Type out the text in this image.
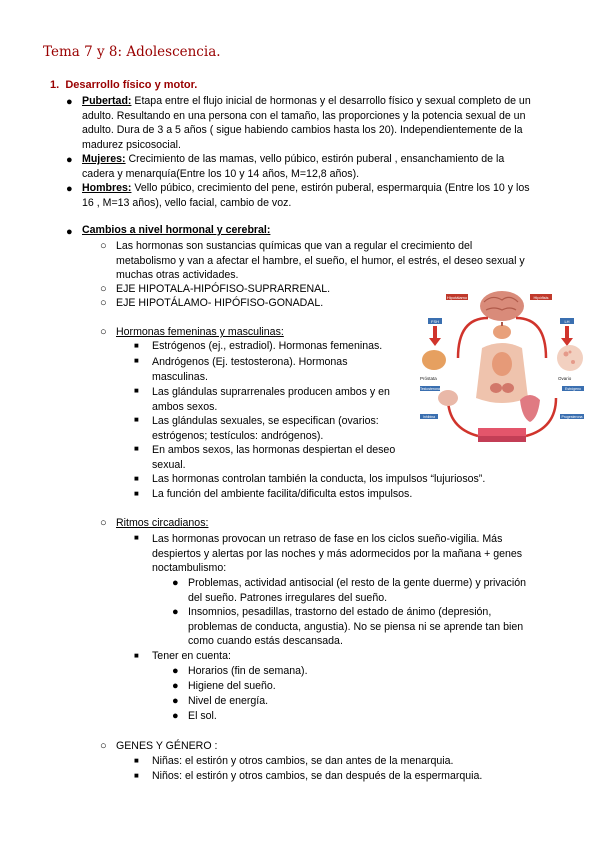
Tema 7 y 8: Adolescencia.
1. Desarrollo físico y motor.
● Pubertad: Etapa entre el flujo inicial de hormonas y el desarrollo físico y sexual completo de un
adulto. Resultando en una persona con el tamaño, las proporciones y la potencia sexual de un
adulto. Dura de 3 a 5 años ( sigue habiendo cambios hasta los 20). Independientemente de la
madurez psicosocial.
● Mujeres: Crecimiento de las mamas, vello púbico, estirón puberal , ensanchamiento de la
cadera y menarquía(Entre los 10 y 14 años, M=12,8 años).
● Hombres: Vello púbico, crecimiento del pene, estirón puberal, espermarquia (Entre los 10 y los
16 , M=13 años), vello facial, cambio de voz.
● Cambios a nivel hormonal y cerebral:
○ Las hormonas son sustancias químicas que van a regular el crecimiento del
metabolismo y van a afectar el hambre, el sueño, el humor, el estrés, el deseo sexual y
muchas otras actividades.
○ EJE HIPOTALA-HIPÓFISO-SUPRARRENAL.
○ EJE HIPOTÁLAMO- HIPÓFISO-GONADAL.
○ Hormonas femeninas y masculinas:
■ Estrógenos (ej., estradiol). Hormonas femeninas.
■ Andrógenos (Ej. testosterona). Hormonas
masculinas.
■ Las glándulas suprarrenales producen ambos y en
ambos sexos.
■ Las glándulas sexuales, se especifican (ovarios:
estrógenos; testículos: andrógenos).
■ En ambos sexos, las hormonas despiertan el deseo
sexual.
■ Las hormonas controlan también la conducta, los impulsos “lujuriosos”.
■ La función del ambiente facilita/dificulta estos impulsos.
Hipotálamo	Hipófisis
FSH	LH
Próstata	Ovario
Testosterona
Inhibina
Estrógeno
Progesterona
○ Ritmos circadianos:
■ Las hormonas provocan un retraso de fase en los ciclos sueño-vigilia. Más
despiertos y alertas por las noches y más adormecidos por la mañana + genes
noctambulismo:
● Problemas, actividad antisocial (el resto de la gente duerme) y privación
del sueño. Patrones irregulares del sueño.
● Insomnios, pesadillas, trastorno del estado de ánimo (depresión,
problemas de conducta, angustia). No se piensa ni se aprende tan bien
como cuando estás descansada.
■ Tener en cuenta:
● Horarios (fin de semana).
● Higiene del sueño.
● Nivel de energía.
● El sol.
○ GENES Y GÉNERO :
■ Niñas: el estirón y otros cambios, se dan antes de la menarquia.
■ Niños: el estirón y otros cambios, se dan después de la espermarquia.
